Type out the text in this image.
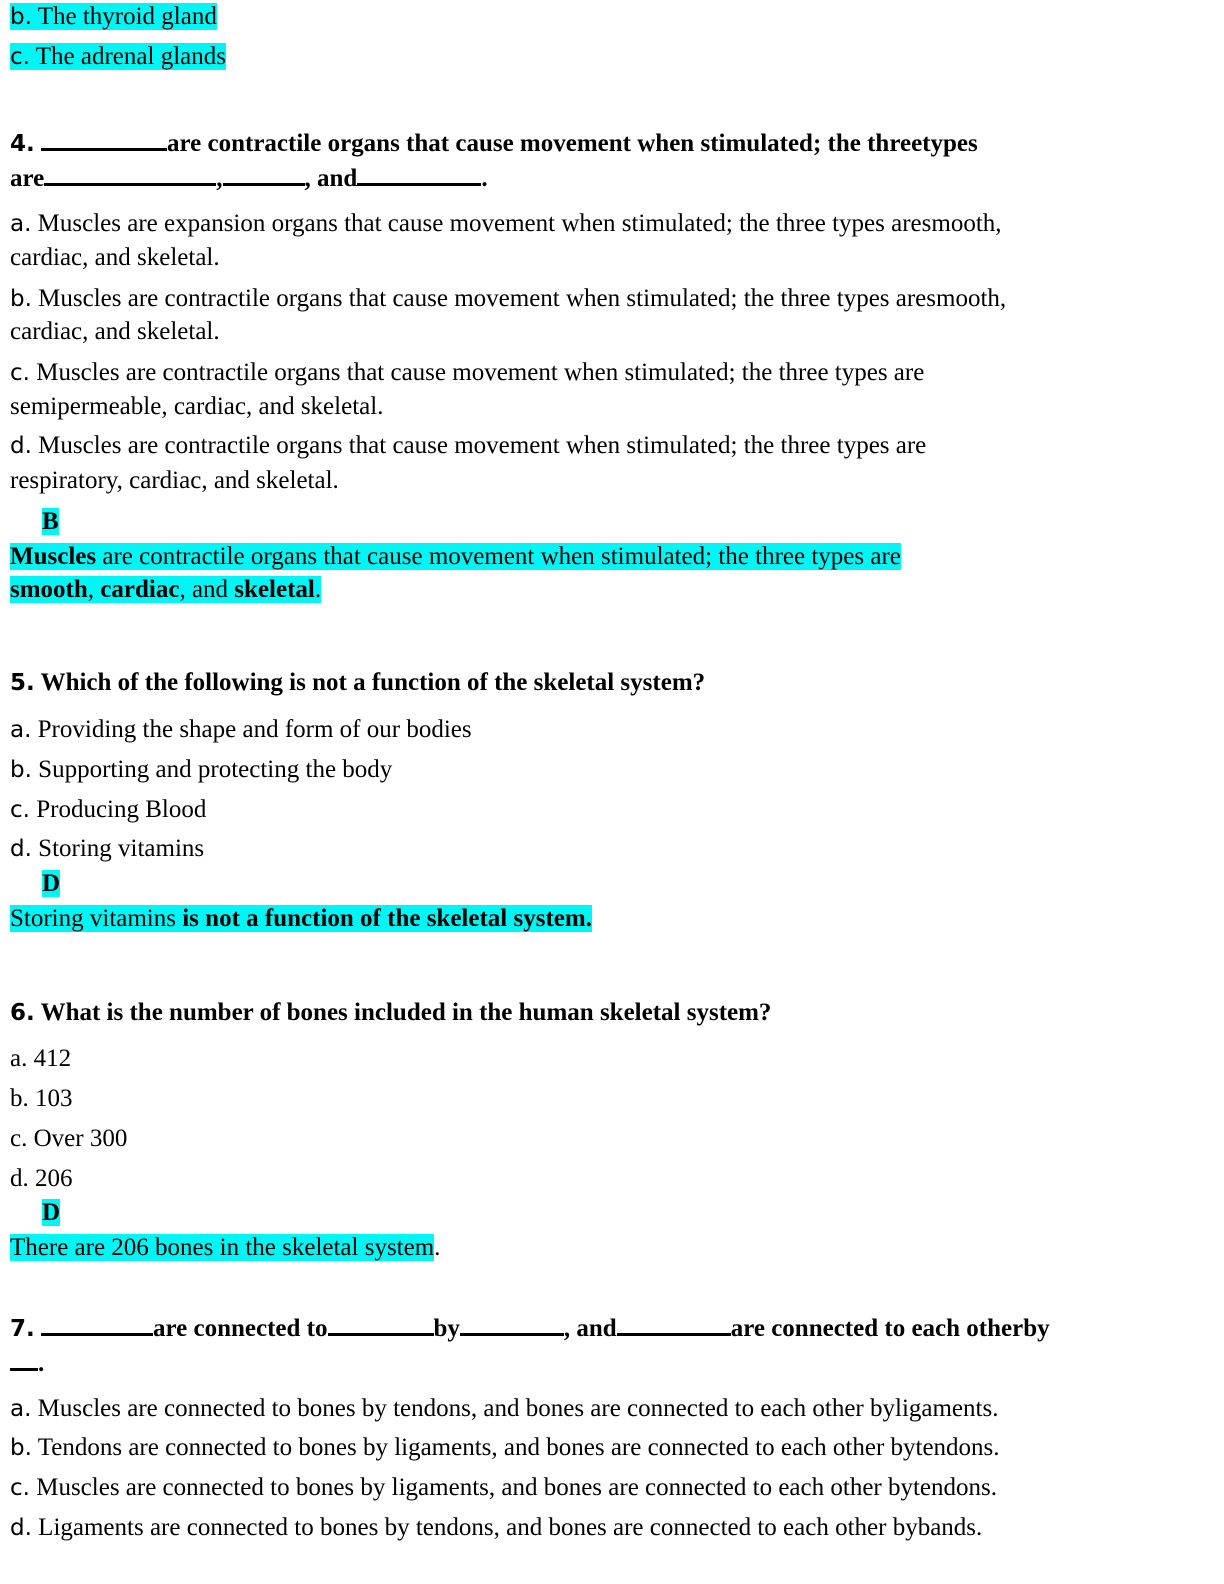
b. The thyroid gland
c. The adrenal glands
4.	are contractile organs that cause movement when stimulated; the threetypes
are	,	, and	.
a. Muscles are expansion organs that cause movement when stimulated; the three types aresmooth,
cardiac, and skeletal.
b. Muscles are contractile organs that cause movement when stimulated; the three types aresmooth,
cardiac, and skeletal.
c. Muscles are contractile organs that cause movement when stimulated; the three types are
semipermeable, cardiac, and skeletal.
d. Muscles are contractile organs that cause movement when stimulated; the three types are
respiratory, cardiac, and skeletal.
B
Muscles are contractile organs that cause movement when stimulated; the three types are
smooth, cardiac, and skeletal.
5. Which of the following is not a function of the skeletal system?
a. Providing the shape and form of our bodies
b. Supporting and protecting the body
c. Producing Blood
d. Storing vitamins
D
Storing vitamins is not a function of the skeletal system.
6. What is the number of bones included in the human skeletal system?
a. 412
b. 103
c. Over 300
d. 206
D
There are 206 bones in the skeletal system.
7.	are connected to	by	, and	are connected to each otherby
.
a. Muscles are connected to bones by tendons, and bones are connected to each other byligaments.
b. Tendons are connected to bones by ligaments, and bones are connected to each other bytendons.
c. Muscles are connected to bones by ligaments, and bones are connected to each other bytendons.
d. Ligaments are connected to bones by tendons, and bones are connected to each other bybands.
